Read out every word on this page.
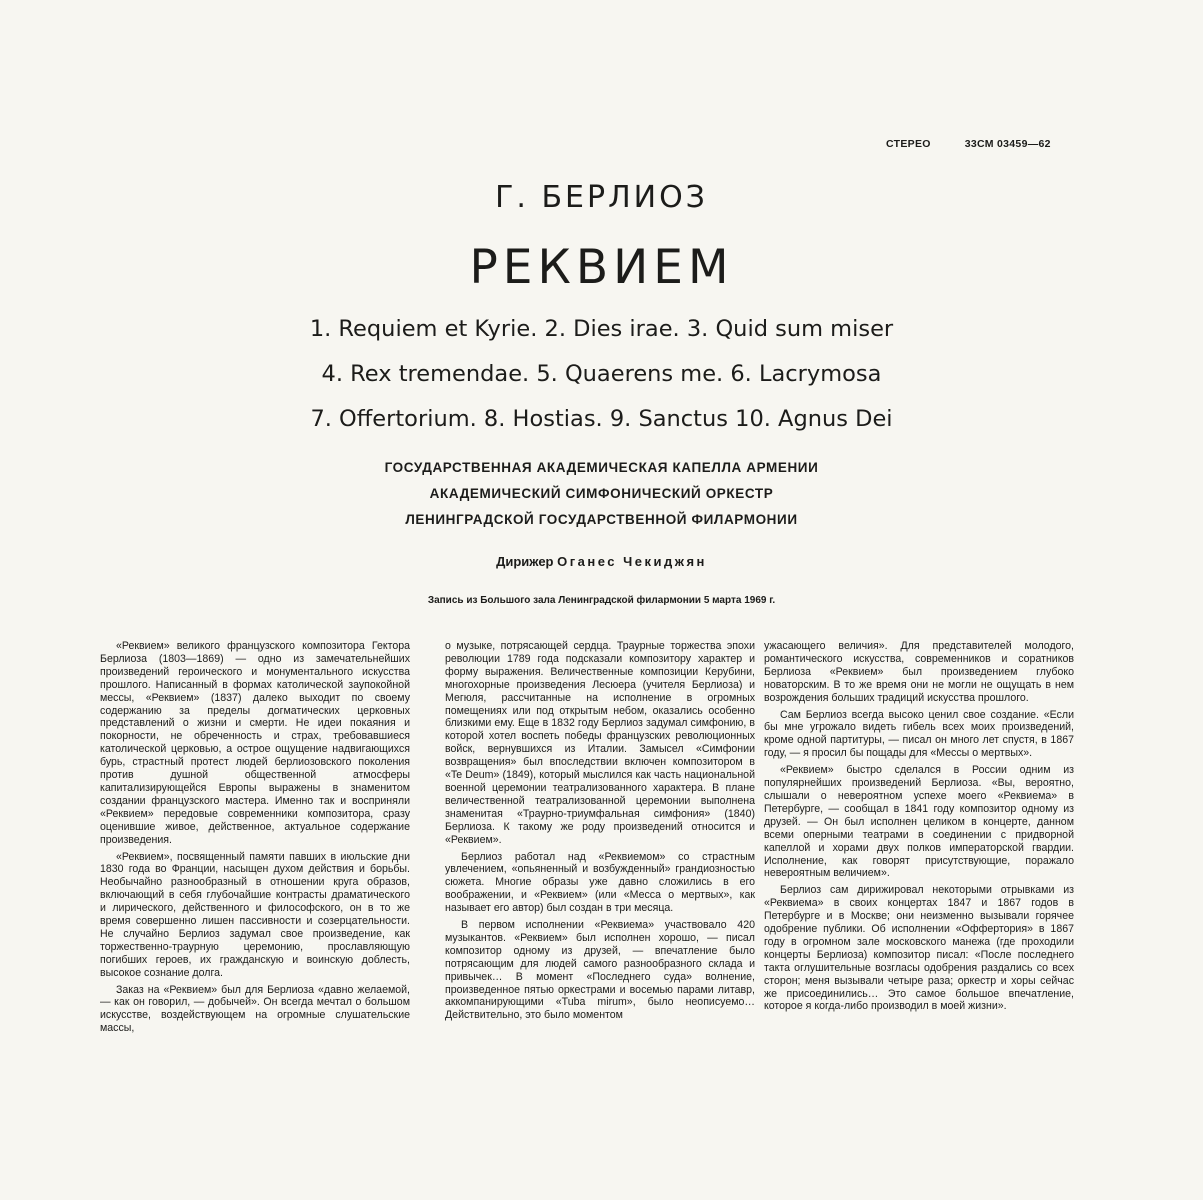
СТЕРЕО	33СМ 03459—62
Г. БЕРЛИОЗ
РЕКВИЕМ
1. Requiem et Kyrie. 2. Dies irae. 3. Quid sum miser
4. Rex tremendae. 5. Quaerens me. 6. Lacrymosa
7. Offertorium. 8. Hostias. 9. Sanctus 10. Agnus Dei
ГОСУДАРСТВЕННАЯ АКАДЕМИЧЕСКАЯ КАПЕЛЛА АРМЕНИИ
АКАДЕМИЧЕСКИЙ СИМФОНИЧЕСКИЙ ОРКЕСТР
ЛЕНИНГРАДСКОЙ ГОСУДАРСТВЕННОЙ ФИЛАРМОНИИ
Дирижер Оганес Чекиджян
Запись из Большого зала Ленинградской филармонии 5 марта 1969 г.

«Реквием» великого французского композитора Гектора Берлиоза (1803—1869) — одно из замечательнейших произведений героического и монументального искусства прошлого. Написанный в формах католической заупокойной мессы, «Реквием» (1837) далеко выходит по своему содержанию за пределы догматических церковных представлений о жизни и смерти. Не идеи покаяния и покорности, не обреченность и страх, требовавшиеся католической церковью, а острое ощущение надвигающихся бурь, страстный протест людей берлиозовского поколения против душной общественной атмосферы капитализирующейся Европы выражены в знаменитом создании французского мастера. Именно так и восприняли «Реквием» передовые современники композитора, сразу оценившие живое, действенное, актуальное содержание произведения.

«Реквием», посвященный памяти павших в июльские дни 1830 года во Франции, насыщен духом действия и борьбы. Необычайно разнообразный в отношении круга образов, включающий в себя глубочайшие контрасты драматического и лирического, действенного и философского, он в то же время совершенно лишен пассивности и созерцательности. Не случайно Берлиоз задумал свое произведение, как торжественно-траурную церемонию, прославляющую погибших героев, их гражданскую и воинскую доблесть, высокое сознание долга.

Заказ на «Реквием» был для Берлиоза «давно желаемой, — как он говорил, — добычей». Он всегда мечтал о большом искусстве, воздействующем на огромные слушательские массы,

о музыке, потрясающей сердца. Траурные торжества эпохи революции 1789 года подсказали композитору характер и форму выражения. Величественные композиции Керубини, многохорные произведения Лесюера (учителя Берлиоза) и Мегюля, рассчитанные на исполнение в огромных помещениях или под открытым небом, оказались особенно близкими ему. Еще в 1832 году Берлиоз задумал симфонию, в которой хотел воспеть победы французских революционных войск, вернувшихся из Италии. Замысел «Симфонии возвращения» был впоследствии включен композитором в «Te Deum» (1849), который мыслился как часть национальной военной церемонии театрализованного характера. В плане величественной театрализованной церемонии выполнена знаменитая «Траурно-триумфальная симфония» (1840) Берлиоза. К такому же роду произведений относится и «Реквием».

Берлиоз работал над «Реквиемом» со страстным увлечением, «опьяненный и возбужденный» грандиозностью сюжета. Многие образы уже давно сложились в его воображении, и «Реквием» (или «Месса о мертвых», как называет его автор) был создан в три месяца.

В первом исполнении «Реквиема» участвовало 420 музыкантов. «Реквием» был исполнен хорошо, — писал композитор одному из друзей, — впечатление было потрясающим для людей самого разнообразного склада и привычек… В момент «Последнего суда» волнение, произведенное пятью оркестрами и восемью парами литавр, аккомпанирующими «Tuba mirum», было неописуемо… Действительно, это было моментом

ужасающего величия». Для представителей молодого, романтического искусства, современников и соратников Берлиоза «Реквием» был произведением глубоко новаторским. В то же время они не могли не ощущать в нем возрождения больших традиций искусства прошлого.

Сам Берлиоз всегда высоко ценил свое создание. «Если бы мне угрожало видеть гибель всех моих произведений, кроме одной партитуры, — писал он много лет спустя, в 1867 году, — я просил бы пощады для «Мессы о мертвых».

«Реквием» быстро сделался в России одним из популярнейших произведений Берлиоза. «Вы, вероятно, слышали о невероятном успехе моего «Реквиема» в Петербурге, — сообщал в 1841 году композитор одному из друзей. — Он был исполнен целиком в концерте, данном всеми оперными театрами в соединении с придворной капеллой и хорами двух полков императорской гвардии. Исполнение, как говорят присутствующие, поражало невероятным величием».

Берлиоз сам дирижировал некоторыми отрывками из «Реквиема» в своих концертах 1847 и 1867 годов в Петербурге и в Москве; они неизменно вызывали горячее одобрение публики. Об исполнении «Оффертория» в 1867 году в огромном зале московского манежа (где проходили концерты Берлиоза) композитор писал: «После последнего такта оглушительные возгласы одобрения раздались со всех сторон; меня вызывали четыре раза; оркестр и хоры сейчас же присоединились… Это самое большое впечатление, которое я когда-либо производил в моей жизни».
